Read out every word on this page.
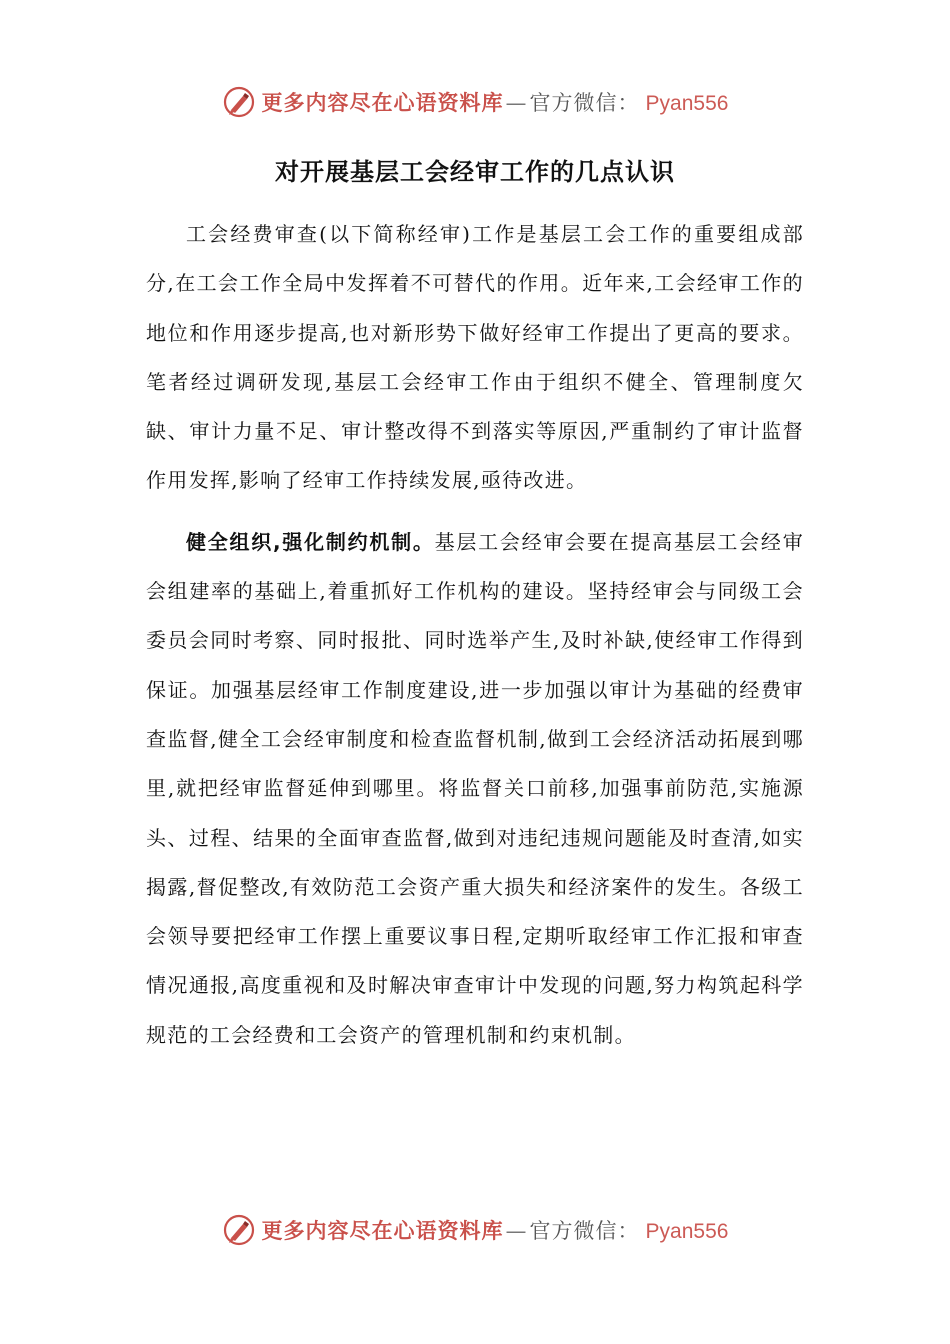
更多内容尽在心语资料库 — 官方微信 ： Pyan556
对开展基层工会经审工作的几点认识

工会经费审查(以下简称经审)工作是基层工会工作的重要组成部分,在工会工作全局中发挥着不可替代的作用。近年来,工会经审工作的地位和作用逐步提高,也对新形势下做好经审工作提出了更高的要求。笔者经过调研发现,基层工会经审工作由于组织不健全、管理制度欠缺、审计力量不足、审计整改得不到落实等原因,严重制约了审计监督作用发挥,影响了经审工作持续发展,亟待改进。

健全组织,强化制约机制。基层工会经审会要在提高基层工会经审会组建率的基础上,着重抓好工作机构的建设。坚持经审会与同级工会委员会同时考察、同时报批、同时选举产生,及时补缺,使经审工作得到保证。加强基层经审工作制度建设,进一步加强以审计为基础的经费审查监督,健全工会经审制度和检查监督机制,做到工会经济活动拓展到哪里,就把经审监督延伸到哪里。将监督关口前移,加强事前防范,实施源头、过程、结果的全面审查监督,做到对违纪违规问题能及时查清,如实揭露,督促整改,有效防范工会资产重大损失和经济案件的发生。各级工会领导要把经审工作摆上重要议事日程,定期听取经审工作汇报和审查情况通报,高度重视和及时解决审查审计中发现的问题,努力构筑起科学规范的工会经费和工会资产的管理机制和约束机制。

更多内容尽在心语资料库 — 官方微信 ： Pyan556
